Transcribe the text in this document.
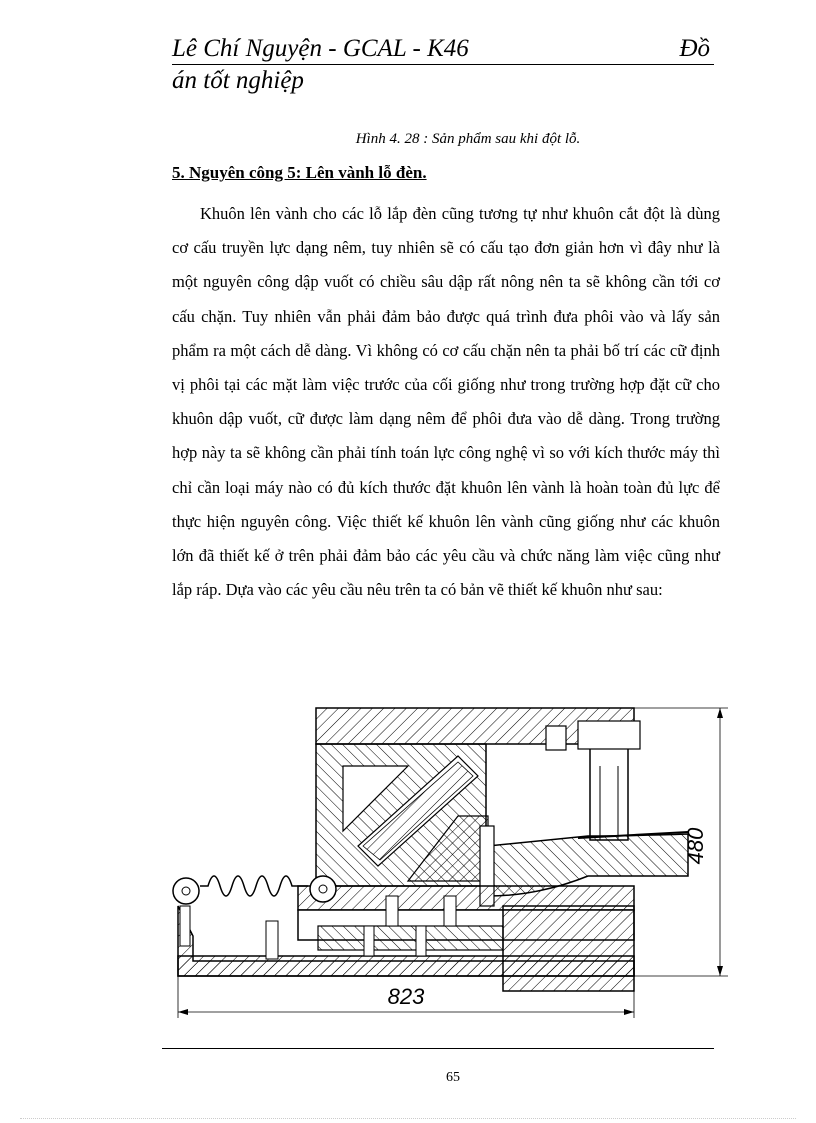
Lê Chí Nguyện - GCAL - K46	Đồ
án tốt nghiệp
Hình 4. 28 : Sản phẩm sau khi đột lỗ.
5. Nguyên công 5: Lên vành lỗ đèn.

Khuôn lên vành cho các lỗ lắp đèn cũng tương tự như khuôn cắt đột là dùng cơ cấu truyền lực dạng nêm, tuy nhiên sẽ có cấu tạo đơn giản hơn vì đây như là một nguyên công dập vuốt có chiều sâu dập rất nông nên ta sẽ không cần tới cơ cấu chặn. Tuy nhiên vẫn phải đảm bảo được quá trình đưa phôi vào và lấy sản phẩm ra một cách dễ dàng. Vì không có cơ cấu chặn nên ta phải bố trí các cữ định vị phôi tại các mặt làm việc trước của cối giống như trong trường hợp đặt cữ cho khuôn dập vuốt, cữ được làm dạng nêm để phôi đưa vào dễ dàng. Trong trường hợp này ta sẽ không cần phải tính toán lực công nghệ vì so với kích thước máy thì chỉ cần loại máy nào có đủ kích thước đặt khuôn lên vành là hoàn toàn đủ lực để thực hiện nguyên công. Việc thiết kế khuôn lên vành cũng giống như các khuôn lớn đã thiết kế ở trên phải đảm bảo các yêu cầu và chức năng làm việc cũng như lắp ráp. Dựa vào các yêu cầu nêu trên ta có bản vẽ thiết kế khuôn như sau:

480
823
65
